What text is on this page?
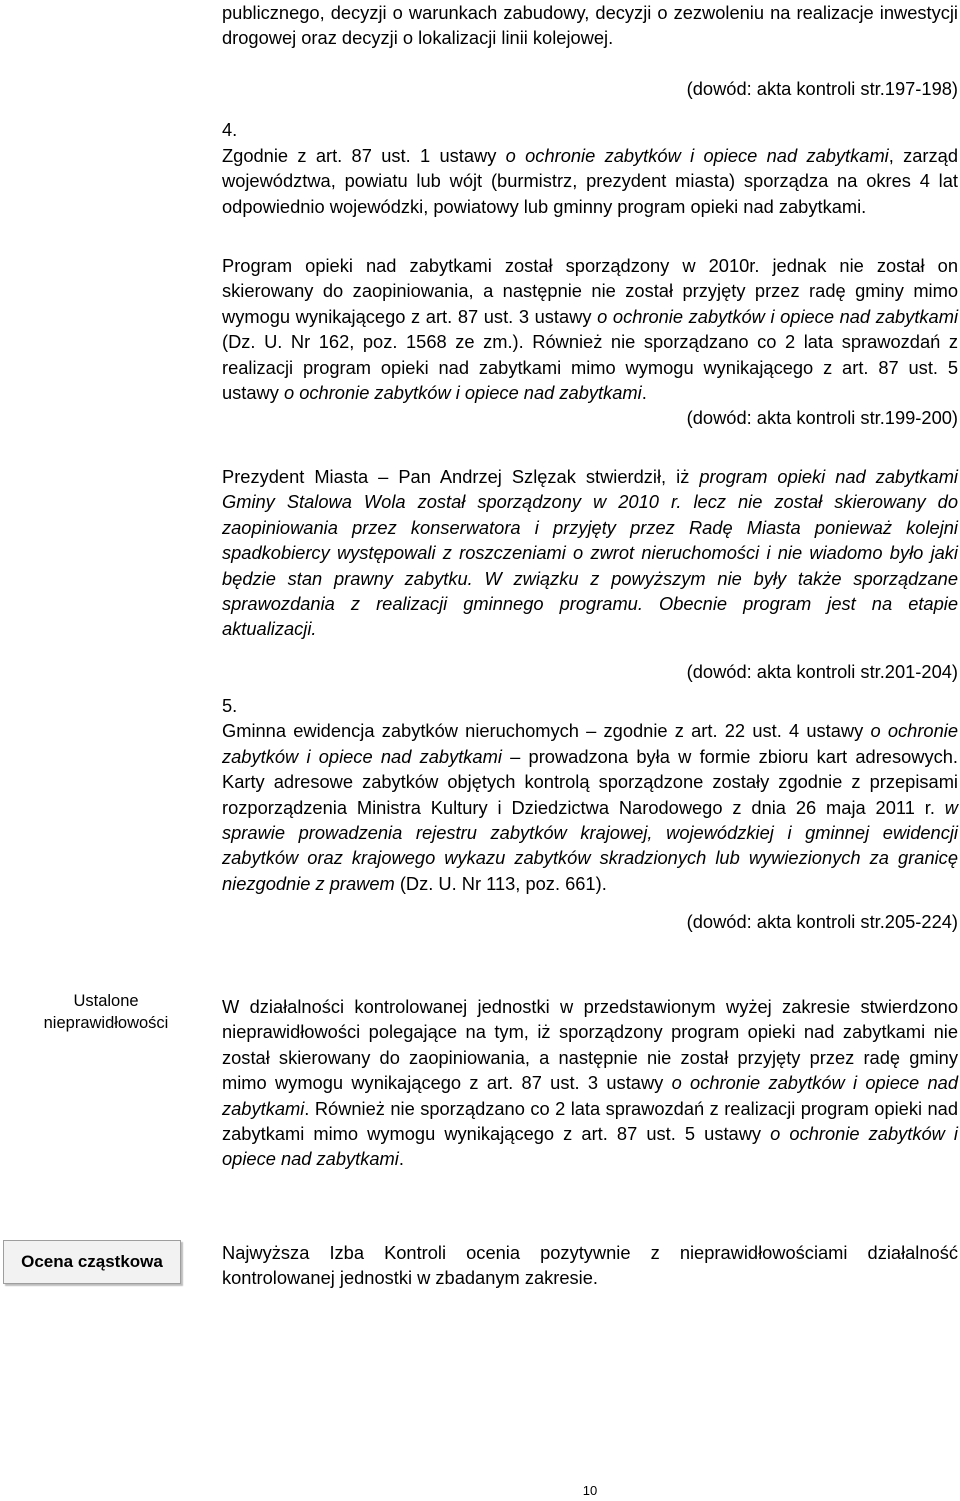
publicznego, decyzji o warunkach zabudowy, decyzji o zezwoleniu na realizacje inwestycji drogowej oraz decyzji o lokalizacji linii kolejowej.

(dowód: akta kontroli str.197-198)

4.

Zgodnie z art. 87 ust. 1 ustawy o ochronie zabytków i opiece nad zabytkami, zarząd województwa, powiatu lub wójt (burmistrz, prezydent miasta) sporządza na okres 4 lat odpowiednio wojewódzki, powiatowy lub gminny program opieki nad zabytkami.

Program opieki nad zabytkami został sporządzony w 2010r. jednak nie został on skierowany do zaopiniowania, a następnie nie został przyjęty przez radę gminy mimo wymogu wynikającego z art. 87 ust. 3 ustawy o ochronie zabytków i opiece nad zabytkami (Dz. U. Nr 162, poz. 1568 ze zm.). Również nie sporządzano co 2 lata sprawozdań z realizacji program opieki nad zabytkami mimo wymogu wynikającego z art. 87 ust. 5 ustawy o ochronie zabytków i opiece nad zabytkami.

(dowód: akta kontroli str.199-200)

Prezydent Miasta – Pan Andrzej Szlęzak stwierdził, iż program opieki nad zabytkami Gminy Stalowa Wola został sporządzony w 2010 r. lecz nie został skierowany do zaopiniowania przez konserwatora i przyjęty przez Radę Miasta ponieważ kolejni spadkobiercy występowali z roszczeniami o zwrot nieruchomości i nie wiadomo było jaki będzie stan prawny zabytku. W związku z powyższym nie były także sporządzane sprawozdania z realizacji gminnego programu. Obecnie program jest na etapie aktualizacji.

(dowód: akta kontroli str.201-204)

5.

Gminna ewidencja zabytków nieruchomych – zgodnie z art. 22 ust. 4 ustawy o ochronie zabytków i opiece nad zabytkami – prowadzona była w formie zbioru kart adresowych. Karty adresowe zabytków objętych kontrolą sporządzone zostały zgodnie z przepisami rozporządzenia Ministra Kultury i Dziedzictwa Narodowego z dnia 26 maja 2011 r. w sprawie prowadzenia rejestru zabytków krajowej, wojewódzkiej i gminnej ewidencji zabytków oraz krajowego wykazu zabytków skradzionych lub wywiezionych za granicę niezgodnie z prawem (Dz. U. Nr 113, poz. 661).

(dowód: akta kontroli str.205-224)

Ustalone nieprawidłowości

W działalności kontrolowanej jednostki w przedstawionym wyżej zakresie stwierdzono nieprawidłowości polegające na tym, iż sporządzony program opieki nad zabytkami nie został skierowany do zaopiniowania, a następnie nie został przyjęty przez radę gminy mimo wymogu wynikającego z art. 87 ust. 3 ustawy o ochronie zabytków i opiece nad zabytkami. Również nie sporządzano co 2 lata sprawozdań z realizacji program opieki nad zabytkami mimo wymogu wynikającego z art. 87 ust. 5 ustawy o ochronie zabytków i opiece nad zabytkami.

Ocena cząstkowa	Najwyższa Izba Kontroli ocenia pozytywnie z nieprawidłowościami działalność kontrolowanej jednostki w zbadanym zakresie.

10
